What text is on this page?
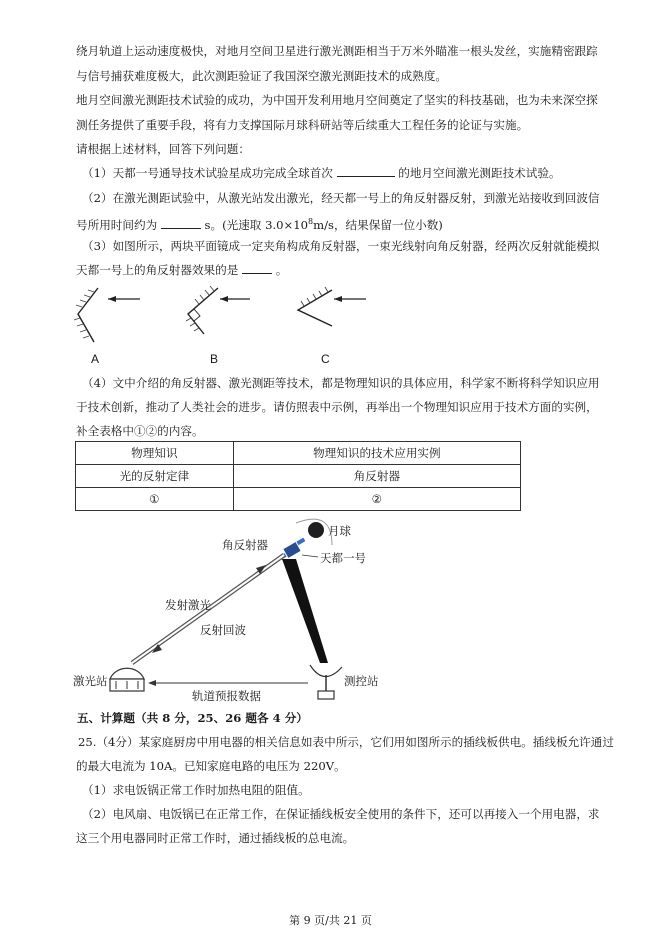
绕月轨道上运动速度极快，对地月空间卫星进行激光测距相当于万米外瞄准一根头发丝，实施精密跟踪
与信号捕获难度极大，此次测距验证了我国深空激光测距技术的成熟度。
地月空间激光测距技术试验的成功，为中国开发利用地月空间奠定了坚实的科技基础，也为未来深空探
测任务提供了重要手段，将有力支撑国际月球科研站等后续重大工程任务的论证与实施。
请根据上述材料，回答下列问题：
（1）天都一号通导技术试验星成功完成全球首次	的地月空间激光测距技术试验。
（2）在激光测距试验中，从激光站发出激光，经天都一号上的角反射器反射，到激光站接收到回波信
号所用时间约为	s。(光速取 $3.0\times 10^8m/s$，结果保留一位小数)
（3）如图所示，两块平面镜成一定夹角构成角反射器，一束光线射向角反射器，经两次反射就能模拟
天都一号上的角反射器效果的是	。
A	B	C
（4）文中介绍的角反射器、激光测距等技术，都是物理知识的具体应用，科学家不断将科学知识应用
于技术创新，推动了人类社会的进步。请仿照表中示例，再举出一个物理知识应用于技术方面的实例，
补全表格中①②的内容。
物理知识	物理知识的技术应用实例
光的反射定律	角反射器
①	②
月球
角反射器
天都一号
发射激光
反射回波
激光站	测控站
轨道预报数据
五、计算题（共 8 分，25、26 题各 4 分）
25.（4分）某家庭厨房中用电器的相关信息如表中所示，它们用如图所示的插线板供电。插线板允许通过
的最大电流为 10A。已知家庭电路的电压为 220V。
（1）求电饭锅正常工作时加热电阻的阻值。
（2）电风扇、电饭锅已在正常工作，在保证插线板安全使用的条件下，还可以再接入一个用电器，求
这三个用电器同时正常工作时，通过插线板的总电流。
第 9 页/共 21 页
